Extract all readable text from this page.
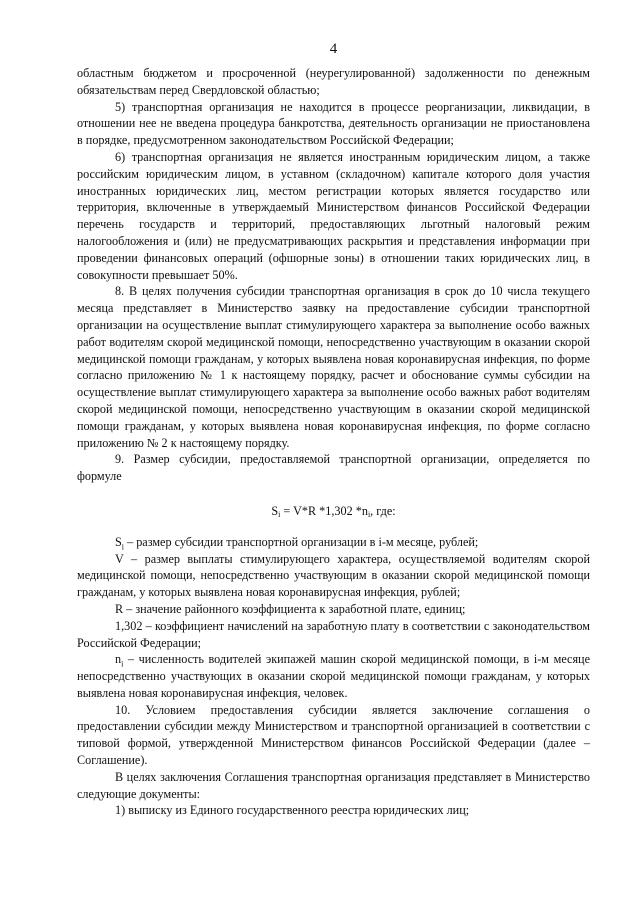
4

областным бюджетом и просроченной (неурегулированной) задолженности по денежным обязательствам перед Свердловской областью;

5) транспортная организация не находится в процессе реорганизации, ликвидации, в отношении нее не введена процедура банкротства, деятельность организации не приостановлена в порядке, предусмотренном законодательством Российской Федерации;

6) транспортная организация не является иностранным юридическим лицом, а также российским юридическим лицом, в уставном (складочном) капитале которого доля участия иностранных юридических лиц, местом регистрации которых является государство или территория, включенные в утверждаемый Министерством финансов Российской Федерации перечень государств и территорий, предоставляющих льготный налоговый режим налогообложения и (или) не предусматривающих раскрытия и представления информации при проведении финансовых операций (офшорные зоны) в отношении таких юридических лиц, в совокупности превышает 50%.

8. В целях получения субсидии транспортная организация в срок до 10 числа текущего месяца представляет в Министерство заявку на предоставление субсидии транспортной организации на осуществление выплат стимулирующего характера за выполнение особо важных работ водителям скорой медицинской помощи, непосредственно участвующим в оказании скорой медицинской помощи гражданам, у которых выявлена новая коронавирусная инфекция, по форме согласно приложению № 1 к настоящему порядку, расчет и обоснование суммы субсидии на осуществление выплат стимулирующего характера за выполнение особо важных работ водителям скорой медицинской помощи, непосредственно участвующим в оказании скорой медицинской помощи гражданам, у которых выявлена новая коронавирусная инфекция, по форме согласно приложению № 2 к настоящему порядку.

9. Размер субсидии, предоставляемой транспортной организации, определяется по формуле

$S_i = V*R$ *1,302 $*n_i$, где:

$S_i$ – размер субсидии транспортной организации в i-м месяце, рублей;

V – размер выплаты стимулирующего характера, осуществляемой водителям скорой медицинской помощи, непосредственно участвующим в оказании скорой медицинской помощи гражданам, у которых выявлена новая коронавирусная инфекция, рублей;

R – значение районного коэффициента к заработной плате, единиц;

1,302 – коэффициент начислений на заработную плату в соответствии с законодательством Российской Федерации;

$n_i$ – численность водителей экипажей машин скорой медицинской помощи, в i-м месяце непосредственно участвующих в оказании скорой медицинской помощи гражданам, у которых выявлена новая коронавирусная инфекция, человек.

10. Условием предоставления субсидии является заключение соглашения о предоставлении субсидии между Министерством и транспортной организацией в соответствии с типовой формой, утвержденной Министерством финансов Российской Федерации (далее – Соглашение).

В целях заключения Соглашения транспортная организация представляет в Министерство следующие документы:

1) выписку из Единого государственного реестра юридических лиц;
